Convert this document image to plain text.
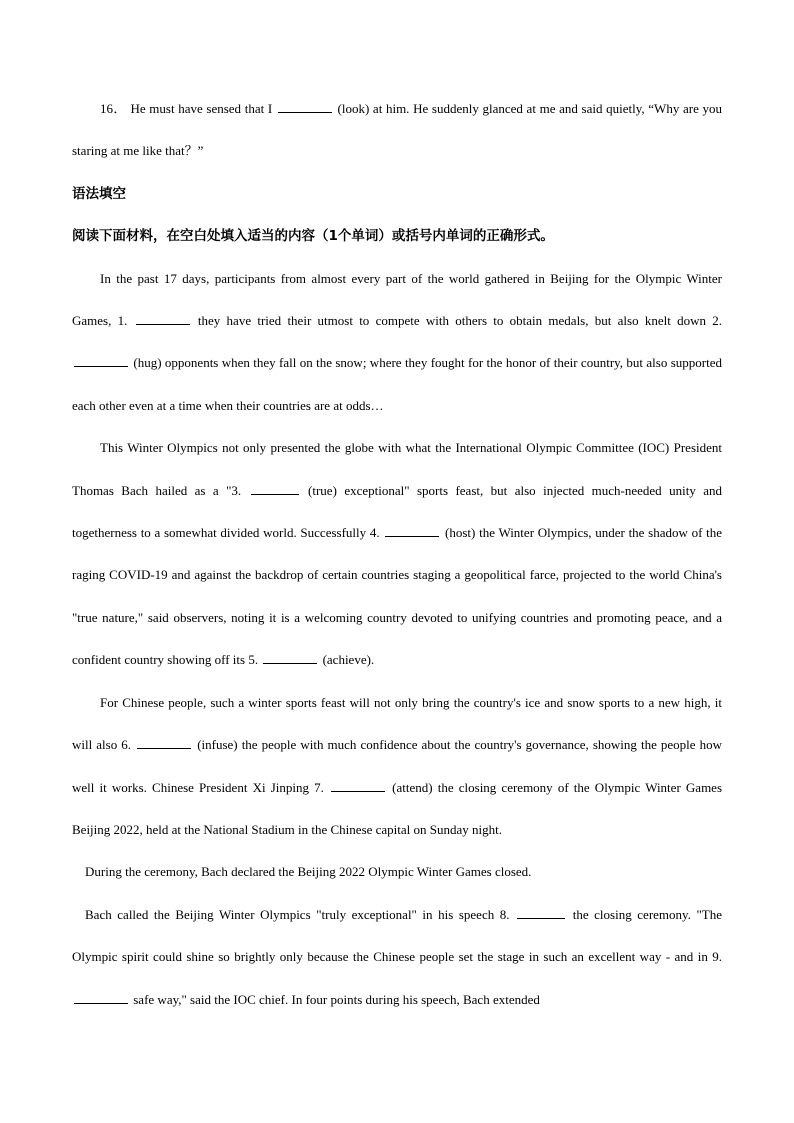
16． He must have sensed that I	(look) at him. He suddenly glanced at me and said quietly, “Why are you staring at me like that？”

语法填空
阅读下面材料，在空白处填入适当的内容（1个单词）或括号内单词的正确形式。

In the past 17 days, participants from almost every part of the world gathered in Beijing for the Olympic Winter Games, 1.	they have tried their utmost to compete with others to obtain medals, but also knelt down 2.  (hug) opponents when they fall on the snow; where they fought for the honor of their country, but also supported each other even at a time when their countries are at odds…

This Winter Olympics not only presented the globe with what the International Olympic Committee (IOC) President Thomas Bach hailed as a "3.	(true) exceptional" sports feast, but also injected much-needed unity and togetherness to a somewhat divided world. Successfully 4.	(host) the Winter Olympics, under the shadow of the raging COVID-19 and against the backdrop of certain countries staging a geopolitical farce, projected to the world China's "true nature," said observers, noting it is a welcoming country devoted to unifying countries and promoting peace, and a confident country showing off its 5.	(achieve).

For Chinese people, such a winter sports feast will not only bring the country's ice and snow sports to a new high, it will also 6.	(infuse) the people with much confidence about the country's governance, showing the people how well it works. Chinese President Xi Jinping 7.	(attend) the closing ceremony of the Olympic Winter Games Beijing 2022, held at the National Stadium in the Chinese capital on Sunday night.

During the ceremony, Bach declared the Beijing 2022 Olympic Winter Games closed.

Bach called the Beijing Winter Olympics "truly exceptional" in his speech 8.	the closing ceremony. "The Olympic spirit could shine so brightly only because the Chinese people set the stage in such an excellent way - and in 9.  safe way," said the IOC chief. In four points during his speech, Bach extended
